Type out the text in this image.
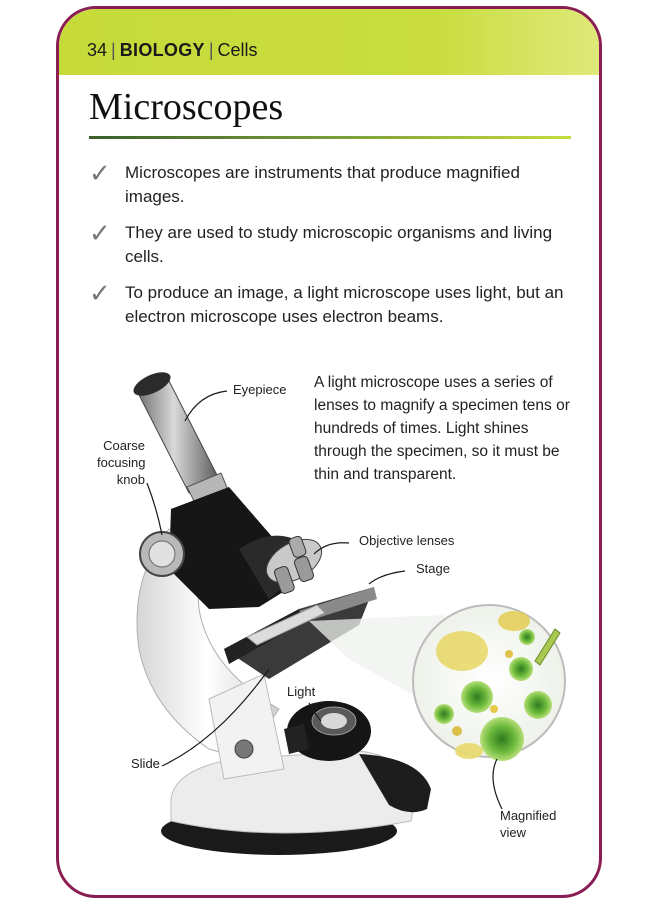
34 | BIOLOGY | Cells
Microscopes
✓ Microscopes are instruments that produce magnified images.
✓ They are used to study microscopic organisms and living cells.
✓ To produce an image, a light microscope uses light, but an electron microscope uses electron beams.
A light microscope uses a series of lenses to magnify a specimen tens or hundreds of times. Light shines through the specimen, so it must be thin and transparent.
Eyepiece
Coarse
focusing
knob
Objective lenses
Stage
Light
Slide
Magnified
view
